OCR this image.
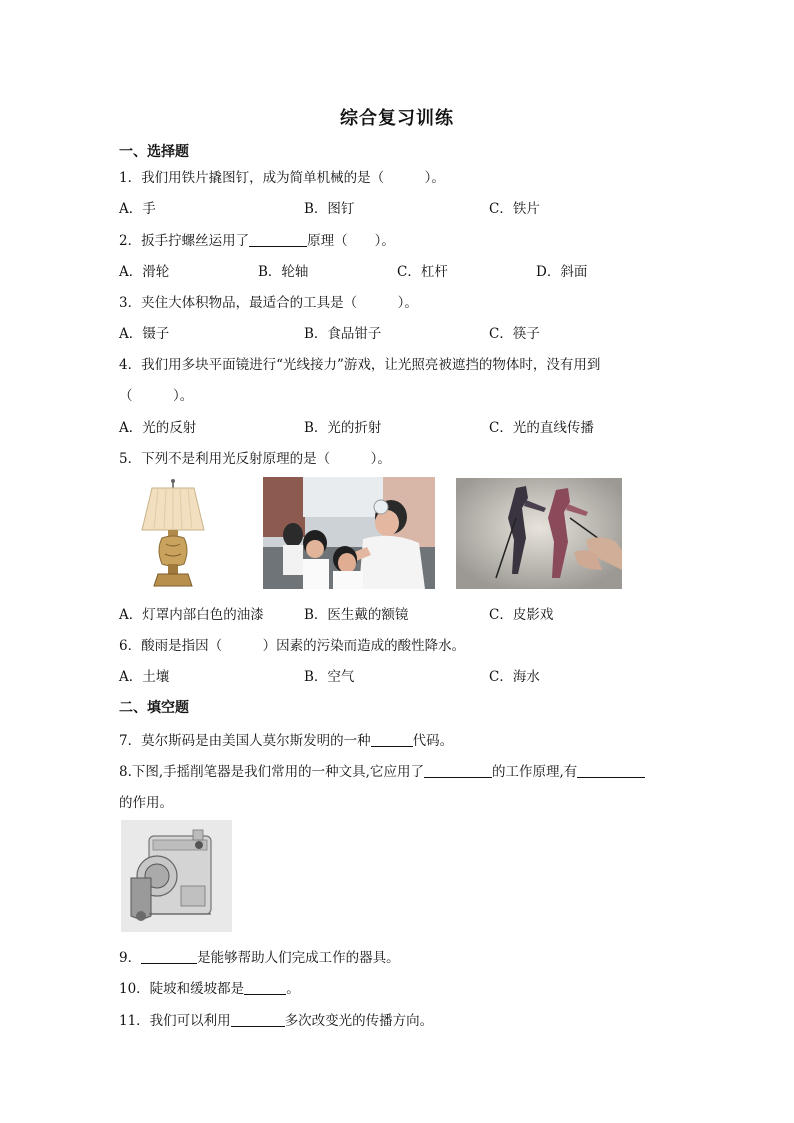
综合复习训练
一、选择题
1．我们用铁片撬图钉，成为简单机械的是（　　　）。
A．手	B．图钉	C．铁片
2．扳手拧螺丝运用了	原理（　　）。
A．滑轮	B．轮轴	C．杠杆	D．斜面
3．夹住大体积物品，最适合的工具是（　　　）。
A．镊子	B．食品钳子	C．筷子
4．我们用多块平面镜进行“光线接力”游戏，让光照亮被遮挡的物体时，没有用到
（　　　）。
A．光的反射	B．光的折射	C．光的直线传播
5．下列不是利用光反射原理的是（　　　）。
A．灯罩内部白色的油漆	B．医生戴的额镜	C．皮影戏
6．酸雨是指因（　　　）因素的污染而造成的酸性降水。
A．土壤	B．空气	C．海水
二、填空题
7．莫尔斯码是由美国人莫尔斯发明的一种	代码。
8.下图,手摇削笔器是我们常用的一种文具,它应用了	的工作原理,有
的作用。
9．	是能够帮助人们完成工作的器具。
10．陡坡和缓坡都是	。
11．我们可以利用	多次改变光的传播方向。
